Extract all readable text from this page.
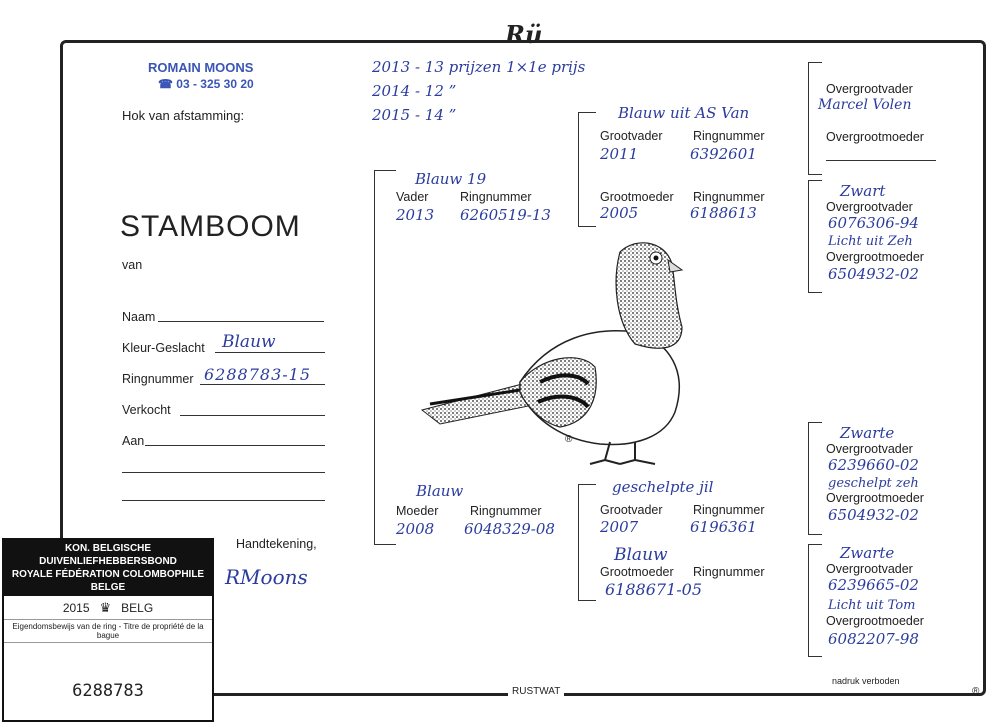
Rü
ROMAIN MOONS
☎ 03 - 325 30 20
Hok van afstamming:
2013 - 13 prijzen 1×1e prijs
2014 - 12 ”
2015 - 14 ”
STAMBOOM
van
Naam
Kleur-Geslacht Blauw
Ringnummer 6288783-15
Verkocht
Aan
Handtekening,
RMoons
Blauw 19
Vader	Ringnummer
2013 6260519-13
Blauw
Moeder	Ringnummer
2008 6048329-08
Blauw uit AS Van
Grootvader Ringnummer
2011	6392601
Grootmoeder Ringnummer
2005	6188613
geschelpte jil
Grootvader Ringnummer
2007	6196361
Blauw
Grootmoeder Ringnummer
6188671-05
Overgrootvader
Marcel Volen
Overgrootmoeder
Zwart
Overgrootvader
6076306-94
Licht uit Zeh
Overgrootmoeder
6504932-02
Zwarte
Overgrootvader
6239660-02
geschelpt zeh
Overgrootmoeder
6504932-02
Zwarte
Overgrootvader
6239665-02
Licht uit Tom
Overgrootmoeder
6082207-98
®
RUSTWAT
nadruk verboden
®
KON. BELGISCHE DUIVENLIEFHEBBERSBOND
ROYALE FÉDÉRATION COLOMBOPHILE BELGE
2015 ♛ BELG
Eigendomsbewijs van de ring - Titre de propriété de la bague
6288783
